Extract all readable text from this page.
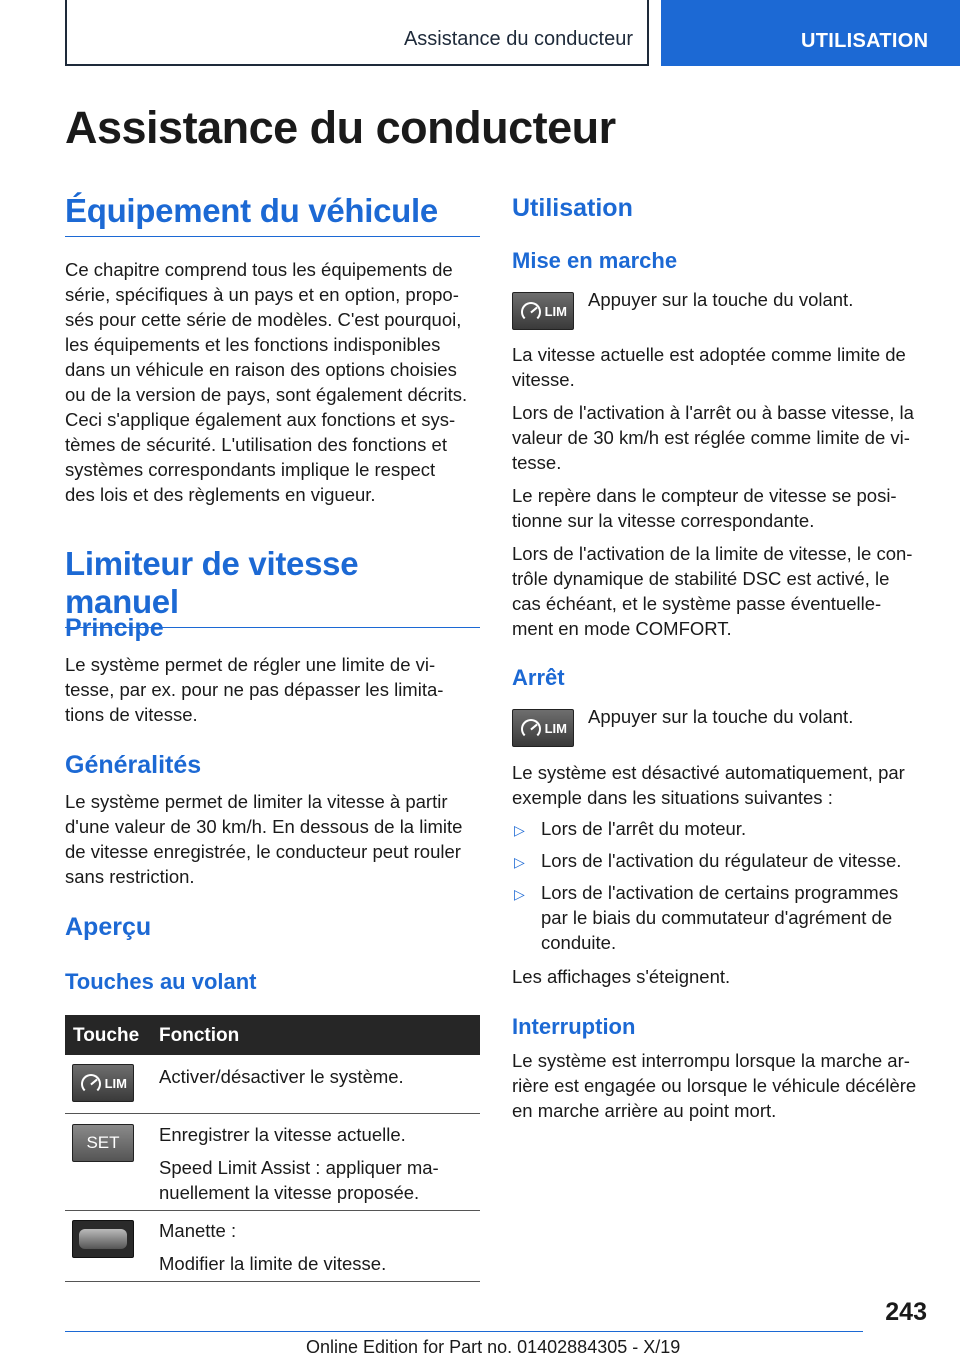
Assistance du conducteur	UTILISATION
Assistance du conducteur
Équipement du véhicule
Ce chapitre comprend tous les équipements de
série, spécifiques à un pays et en option, propo-
sés pour cette série de modèles. C'est pourquoi,
les équipements et les fonctions indisponibles
dans un véhicule en raison des options choisies
ou de la version de pays, sont également décrits.
Ceci s'applique également aux fonctions et sys-
tèmes de sécurité. L'utilisation des fonctions et
systèmes correspondants implique le respect
des lois et des règlements en vigueur.
Limiteur de vitesse manuel
Principe
Le système permet de régler une limite de vi-
tesse, par ex. pour ne pas dépasser les limita-
tions de vitesse.
Généralités
Le système permet de limiter la vitesse à partir
d'une valeur de 30 km/h. En dessous de la limite
de vitesse enregistrée, le conducteur peut rouler
sans restriction.
Aperçu
Touches au volant
Touche Fonction
LIM Activer/désactiver le système.
SET	Enregistrer la vitesse actuelle.
Speed Limit Assist : appliquer ma-
nuellement la vitesse proposée.
Manette :
Modifier la limite de vitesse.
Utilisation
Mise en marche
LIM
Appuyer sur la touche du volant.
La vitesse actuelle est adoptée comme limite de
vitesse.
Lors de l'activation à l'arrêt ou à basse vitesse, la
valeur de 30 km/h est réglée comme limite de vi-
tesse.
Le repère dans le compteur de vitesse se posi-
tionne sur la vitesse correspondante.
Lors de l'activation de la limite de vitesse, le con-
trôle dynamique de stabilité DSC est activé, le
cas échéant, et le système passe éventuelle-
ment en mode COMFORT.
Arrêt
LIM
Appuyer sur la touche du volant.
Le système est désactivé automatiquement, par
exemple dans les situations suivantes :
▷ Lors de l'arrêt du moteur.
▷ Lors de l'activation du régulateur de vitesse.
▷ Lors de l'activation de certains programmes
par le biais du commutateur d'agrément de
conduite.
Les affichages s'éteignent.
Interruption
Le système est interrompu lorsque la marche ar-
rière est engagée ou lorsque le véhicule décélère
en marche arrière au point mort.
243
Online Edition for Part no. 01402884305 - X/19
